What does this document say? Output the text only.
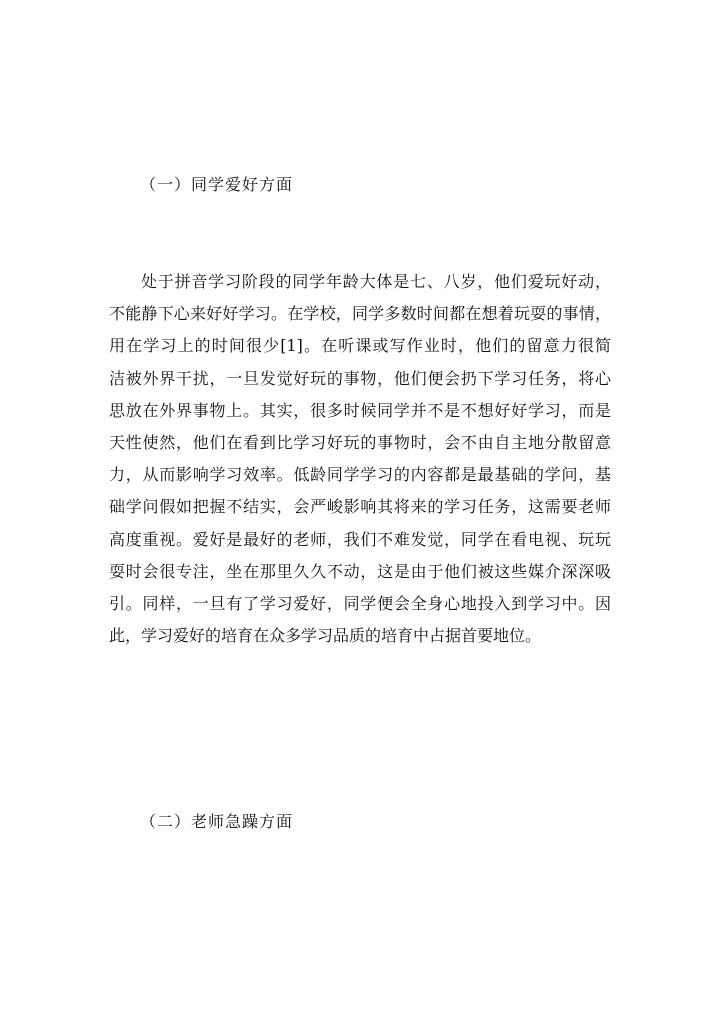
（一）同学爱好方面
处于拼音学习阶段的同学年龄大体是七、八岁，他们爱玩好动，
不能静下心来好好学习。在学校，同学多数时间都在想着玩耍的事情，
用在学习上的时间很少[1]。在听课或写作业时，他们的留意力很简
洁被外界干扰，一旦发觉好玩的事物，他们便会扔下学习任务，将心
思放在外界事物上。其实，很多时候同学并不是不想好好学习，而是
天性使然，他们在看到比学习好玩的事物时，会不由自主地分散留意
力，从而影响学习效率。低龄同学学习的内容都是最基础的学问，基
础学问假如把握不结实，会严峻影响其将来的学习任务，这需要老师
高度重视。爱好是最好的老师，我们不难发觉，同学在看电视、玩玩
耍时会很专注，坐在那里久久不动，这是由于他们被这些媒介深深吸
引。同样，一旦有了学习爱好，同学便会全身心地投入到学习中。因
此，学习爱好的培育在众多学习品质的培育中占据首要地位。
（二）老师急躁方面
